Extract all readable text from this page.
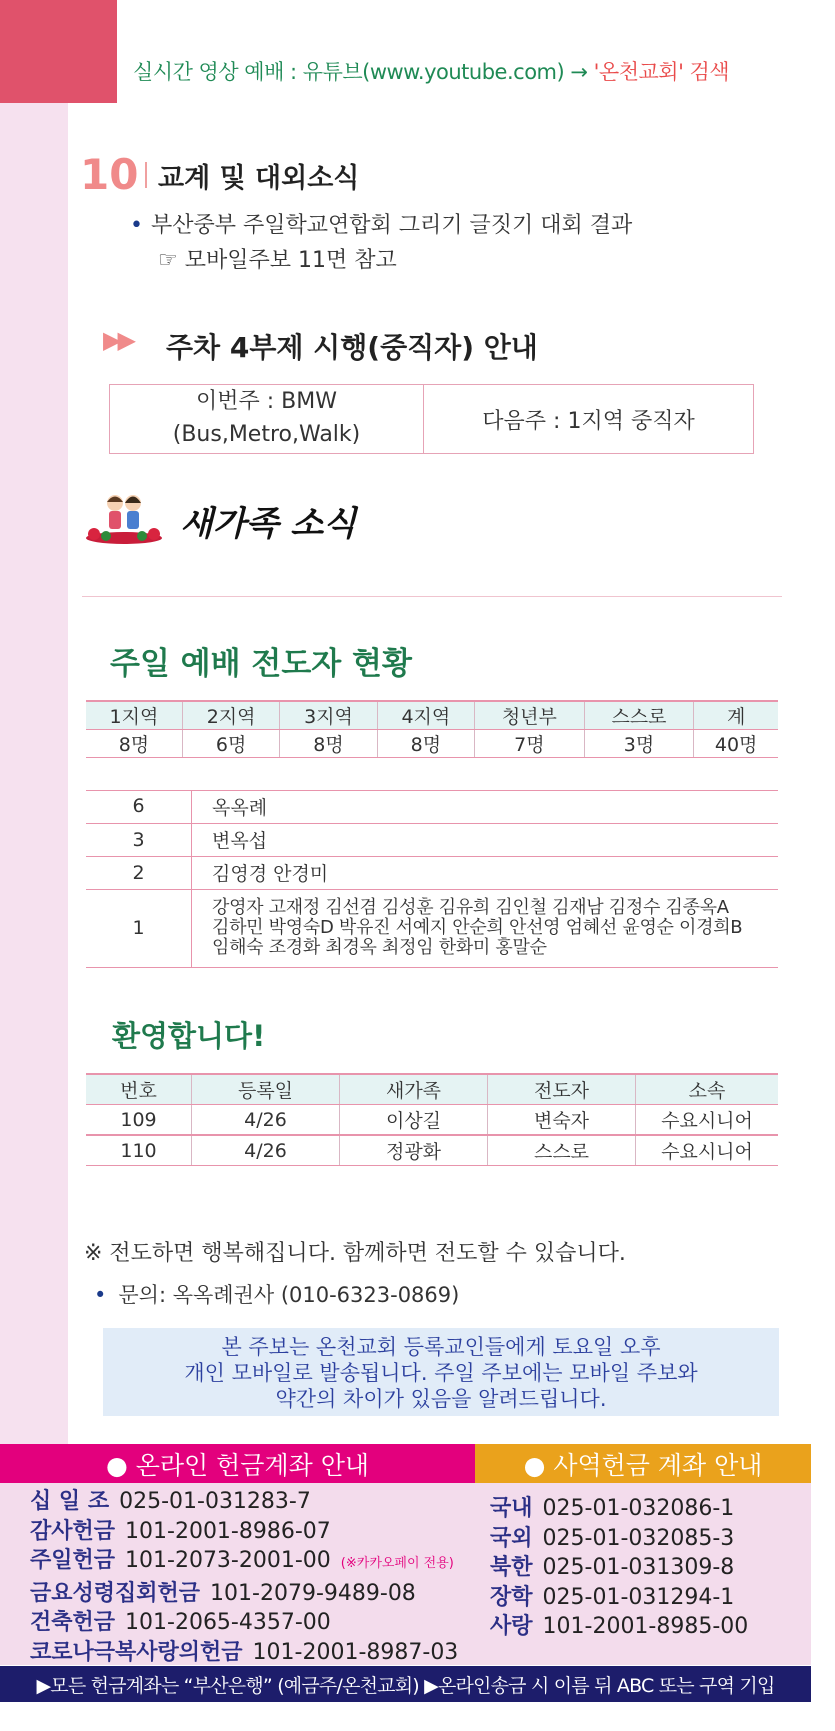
실시간 영상 예배 : 유튜브(www.youtube.com) → '온천교회' 검색
10 교계 및 대외소식
• 부산중부 주일학교연합회 그리기 글짓기 대회 결과
☞ 모바일주보 11면 참고
▶▶ 주차 4부제 시행(중직자) 안내
이번주 : BMW
(Bus,Metro,Walk)
다음주 : 1지역 중직자
새가족 소식
주일 예배 전도자 현황
1지역	2지역	3지역	4지역	청년부	스스로	계
8명	6명	8명	8명	7명	3명	40명
6	옥옥례
3	변옥섭
2	김영경 안경미
1	강영자 고재정 김선겸 김성훈 김유희 김인철 김재남 김정수 김종옥A
김하민 박영숙D 박유진 서예지 안순희 안선영 엄혜선 윤영순 이경희B
임해숙 조경화 최경옥 최정임 한화미 홍말순
환영합니다!
번호	등록일	새가족	전도자	소속
109	4/26	이상길	변숙자	수요시니어
110	4/26	정광화	스스로	수요시니어
※ 전도하면 행복해집니다. 함께하면 전도할 수 있습니다.
• 문의: 옥옥례권사 (010-6323-0869)
본 주보는 온천교회 등록교인들에게 토요일 오후
개인 모바일로 발송됩니다. 주일 주보에는 모바일 주보와
약간의 차이가 있음을 알려드립니다.
● 온라인 헌금계좌 안내	● 사역헌금 계좌 안내
십 일 조 025-01-031283-7
감사헌금 101-2001-8986-07
주일헌금 101-2073-2001-00 (※카카오페이 전용)
금요성령집회헌금 101-2079-9489-08
건축헌금 101-2065-4357-00
코로나극복사랑의헌금 101-2001-8987-03
국내 025-01-032086-1
국외 025-01-032085-3
북한 025-01-031309-8
장학 025-01-031294-1
사랑 101-2001-8985-00
▶모든 헌금계좌는 “부산은행” (예금주/온천교회) ▶온라인송금 시 이름 뒤 ABC 또는 구역 기입
